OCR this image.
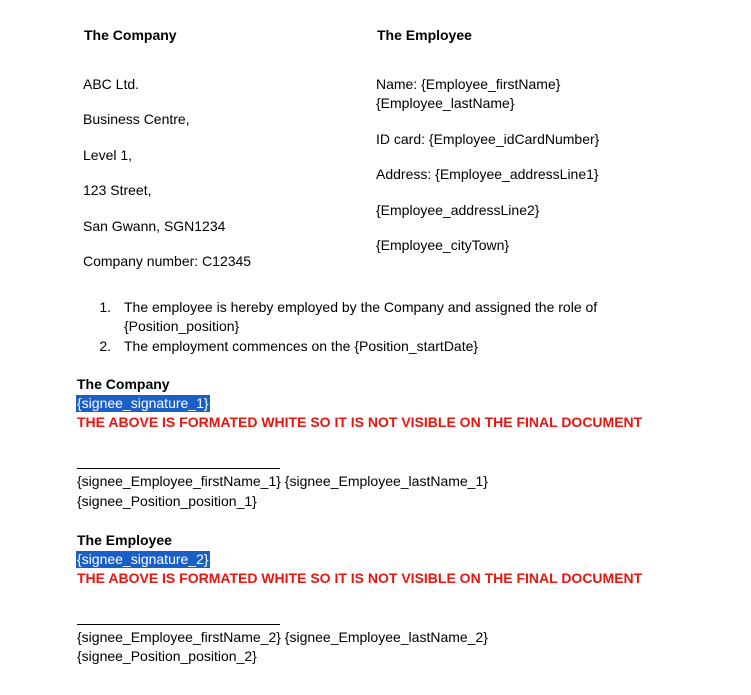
The Company	The Employee
ABC Ltd.
Business Centre,
Level 1,
123 Street,
San Gwann, SGN1234
Company number: C12345
Name: {Employee_firstName}
{Employee_lastName}
ID card: {Employee_idCardNumber}
Address: {Employee_addressLine1}
{Employee_addressLine2}
{Employee_cityTown}
1. The employee is hereby employed by the Company and assigned the role of
{Position_position}
2. The employment commences on the {Position_startDate}
The Company
{signee_signature_1}
THE ABOVE IS FORMATED WHITE SO IT IS NOT VISIBLE ON THE FINAL DOCUMENT
{signee_Employee_firstName_1} {signee_Employee_lastName_1}
{signee_Position_position_1}
The Employee
{signee_signature_2}
THE ABOVE IS FORMATED WHITE SO IT IS NOT VISIBLE ON THE FINAL DOCUMENT
{signee_Employee_firstName_2} {signee_Employee_lastName_2}
{signee_Position_position_2}
